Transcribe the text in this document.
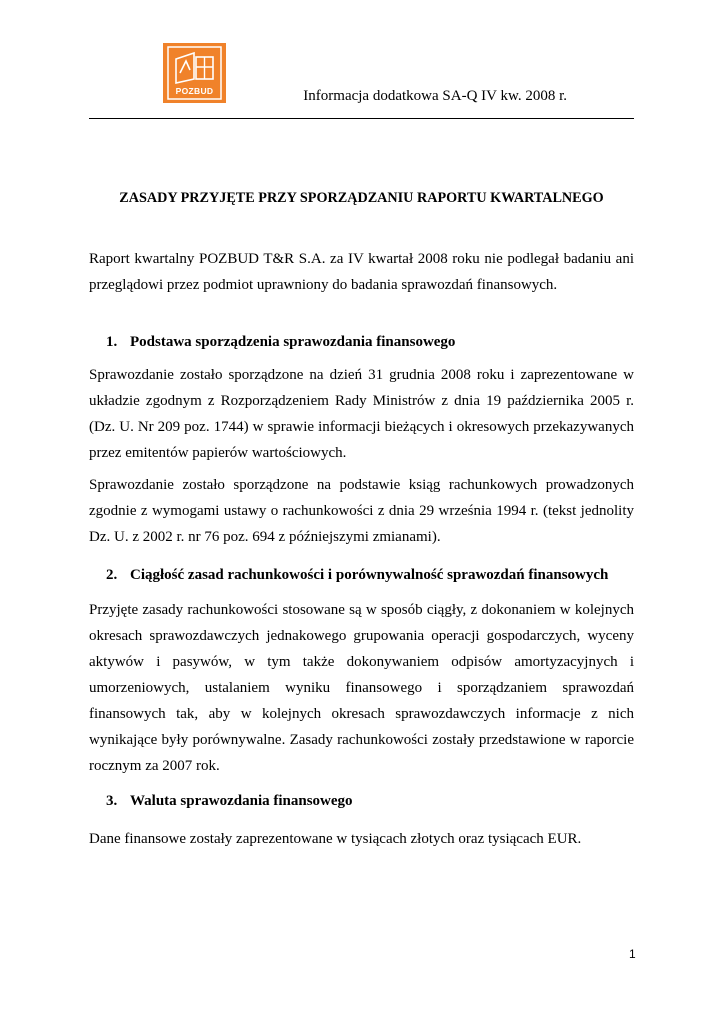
POZBUD	Informacja dodatkowa SA-Q IV kw. 2008 r.
ZASADY PRZYJĘTE PRZY SPORZĄDZANIU RAPORTU KWARTALNEGO
Raport kwartalny POZBUD T&R S.A. za IV kwartał 2008 roku nie podlegał badaniu ani przeglądowi przez podmiot uprawniony do badania sprawozdań finansowych.
1. Podstawa sporządzenia sprawozdania finansowego
Sprawozdanie zostało sporządzone na dzień 31 grudnia 2008 roku i zaprezentowane w układzie zgodnym z Rozporządzeniem Rady Ministrów z dnia 19 października 2005 r. (Dz. U. Nr 209 poz. 1744) w sprawie informacji bieżących i okresowych przekazywanych przez emitentów papierów wartościowych.
Sprawozdanie zostało sporządzone na podstawie ksiąg rachunkowych prowadzonych zgodnie z wymogami ustawy o rachunkowości z dnia 29 września 1994 r. (tekst jednolity Dz. U. z 2002 r. nr 76 poz. 694 z późniejszymi zmianami).
2. Ciągłość zasad rachunkowości i porównywalność sprawozdań finansowych
Przyjęte zasady rachunkowości stosowane są w sposób ciągły, z dokonaniem w kolejnych okresach sprawozdawczych jednakowego grupowania operacji gospodarczych, wyceny aktywów i pasywów, w tym także dokonywaniem odpisów amortyzacyjnych i umorzeniowych, ustalaniem wyniku finansowego i sporządzaniem sprawozdań finansowych tak, aby w kolejnych okresach sprawozdawczych informacje z nich wynikające były porównywalne. Zasady rachunkowości zostały przedstawione w raporcie rocznym za 2007 rok.
3. Waluta sprawozdania finansowego
Dane finansowe zostały zaprezentowane w tysiącach złotych oraz tysiącach EUR.
1
